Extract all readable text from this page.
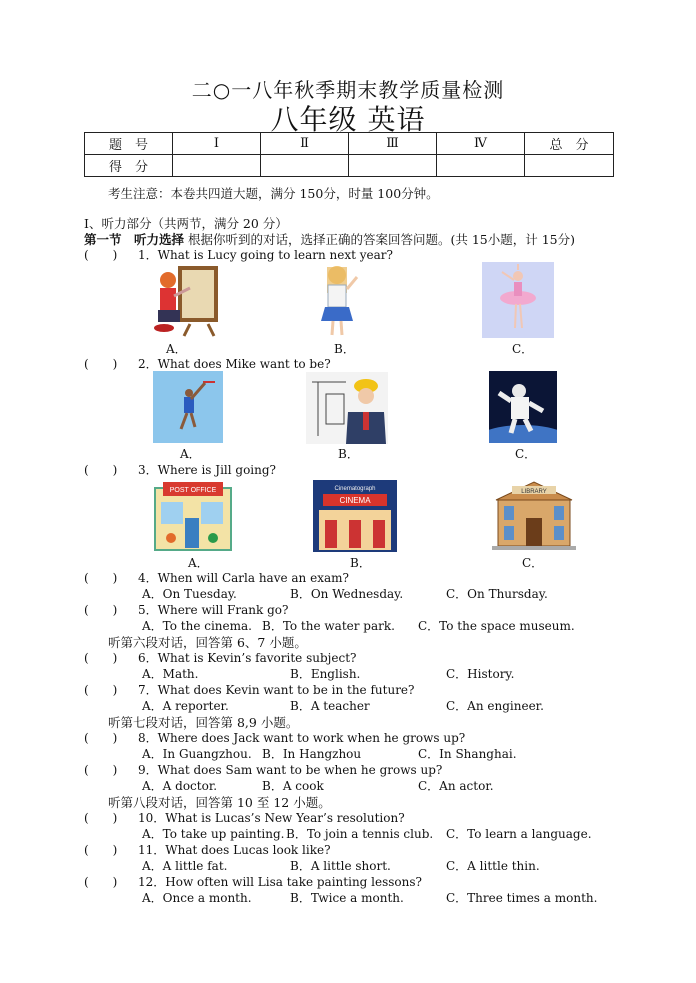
二○一八年秋季期末教学质量检测
八年级 英语
题　号	Ⅰ	Ⅱ	Ⅲ	Ⅳ	总　分
得　分					
考生注意：本卷共四道大题，满分 150分，时量 100分钟。
I、听力部分（共两节，满分 20 分）
第一节　听力选择 根据你听到的对话，选择正确的答案回答问题。(共 15小题，计 15分)
(　　) 1．What is Lucy going to learn next year?
A．	B．	C．
(　　) 2．What does Mike want to be?
A．	B．	C．
(　　) 3．Where is Jill going?
POST OFFICE	Cinematograph
CINEMA
LIBRARY
A．	B．	C．
(　　) 4．When will Carla have an exam?
A．On Tuesday.	B．On Wednesday.	C．On Thursday.
(　　) 5．Where will Frank go?
A．To the cinema. B．To the water park. C．To the space museum.
听第六段对话，回答第 6、7 小题。
(　　) 6．What is Kevin’s favorite subject?
A．Math.	B．English.	C．History.
(　　) 7．What does Kevin want to be in the future?
A．A reporter.	B．A teacher	C．An engineer.
听第七段对话，回答第 8,9 小题。
(　　) 8．Where does Jack want to work when he grows up?
A．In Guangzhou. B．In Hangzhou	C．In Shanghai.
(　　) 9．What does Sam want to be when he grows up?
A．A doctor.	B．A cook	C．An actor.
听第八段对话，回答第 10 至 12 小题。
(　　) 10．What is Lucas’s New Year’s resolution?
A．To take up painting. B．To join a tennis club. C．To learn a language.
(　　) 11．What does Lucas look like?
A．A little fat.	B．A little short.	C．A little thin.
(　　) 12．How often will Lisa take painting lessons?
A．Once a month.	B．Twice a month.	C．Three times a month.
